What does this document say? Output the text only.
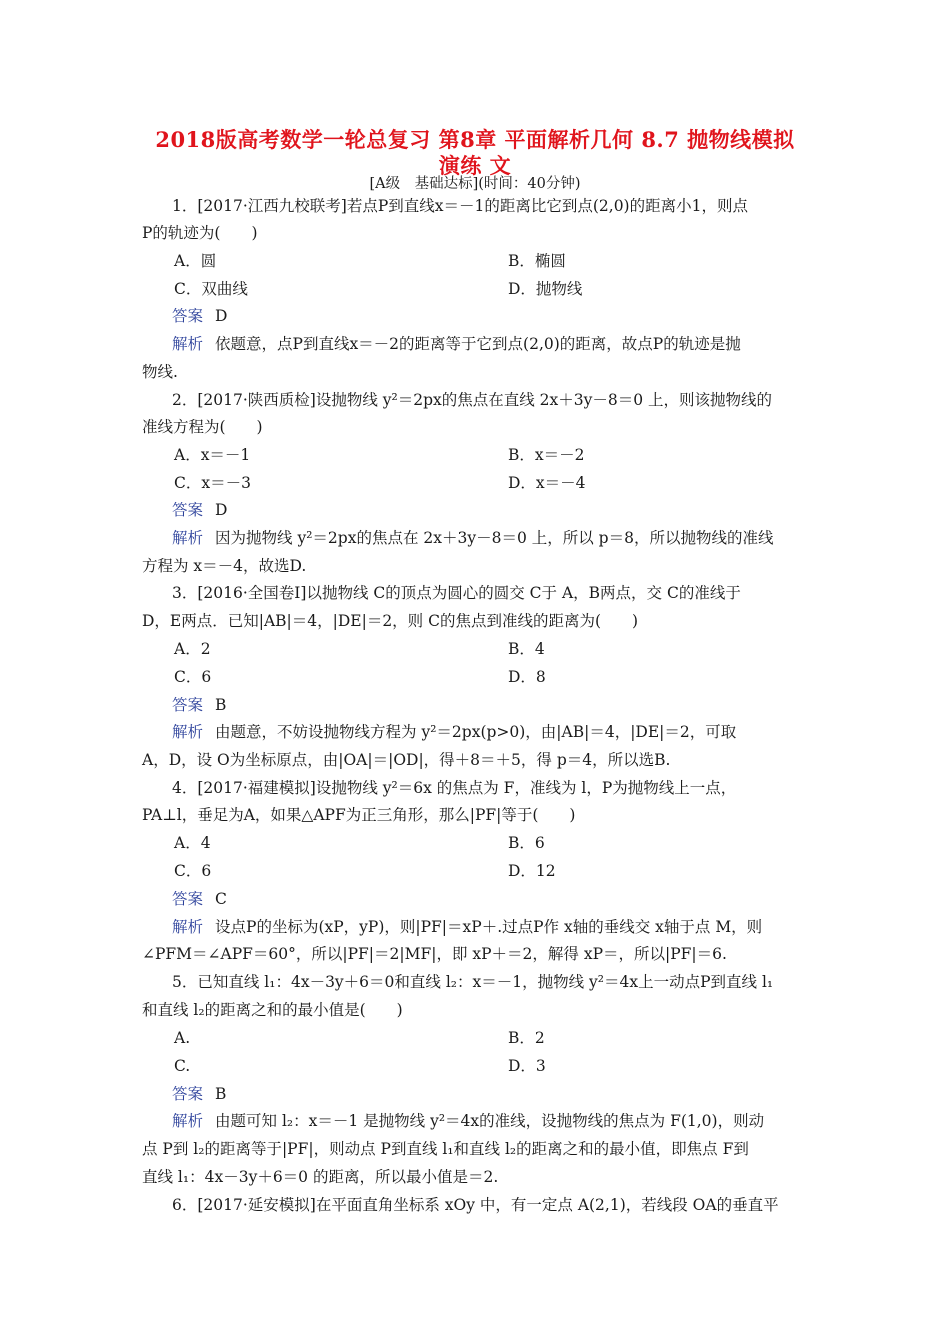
2018版高考数学一轮总复习 第8章 平面解析几何 8.7 抛物线模拟
演练 文
[A级　基础达标](时间：40分钟)
1．[2017·江西九校联考]若点P到直线x＝－1的距离比它到点(2,0)的距离小1，则点
P的轨迹为(　　)
A．圆	B．椭圆
C．双曲线	D．抛物线
答案 D
解析 依题意，点P到直线x＝－2的距离等于它到点(2,0)的距离，故点P的轨迹是抛
物线.
2．[2017·陕西质检]设抛物线 y²＝2px的焦点在直线 2x＋3y－8＝0 上，则该抛物线的
准线方程为(　　)
A．x＝－1	B．x＝－2
C．x＝－3	D．x＝－4
答案 D
解析 因为抛物线 y²＝2px的焦点在 2x＋3y－8＝0 上，所以 p＝8，所以抛物线的准线
方程为 x＝－4，故选D.
3．[2016·全国卷Ⅰ]以抛物线 C的顶点为圆心的圆交 C于 A，B两点，交 C的准线于
D，E两点．已知|AB|＝4，|DE|＝2，则 C的焦点到准线的距离为(　　)
A．2	B．4
C．6	D．8
答案 B
解析 由题意，不妨设抛物线方程为 y²＝2px(p>0)，由|AB|＝4，|DE|＝2，可取
A，D，设 O为坐标原点，由|OA|＝|OD|，得＋8＝＋5，得 p＝4，所以选B.
4．[2017·福建模拟]设抛物线 y²＝6x 的焦点为 F，准线为 l，P为抛物线上一点，
PA⊥l，垂足为A，如果△APF为正三角形，那么|PF|等于(　　)
A．4	B．6
C．6	D．12
答案 C
解析 设点P的坐标为(xP，yP)，则|PF|＝xP＋.过点P作 x轴的垂线交 x轴于点 M，则
∠PFM＝∠APF＝60°，所以|PF|＝2|MF|，即 xP＋＝2，解得 xP＝，所以|PF|＝6.
5．已知直线 l₁：4x－3y＋6＝0和直线 l₂：x＝－1，抛物线 y²＝4x上一动点P到直线 l₁
和直线 l₂的距离之和的最小值是(　　)
A.	B．2
C.	D．3
答案 B
解析 由题可知 l₂：x＝－1 是抛物线 y²＝4x的准线，设抛物线的焦点为 F(1,0)，则动
点 P到 l₂的距离等于|PF|，则动点 P到直线 l₁和直线 l₂的距离之和的最小值，即焦点 F到
直线 l₁：4x－3y＋6＝0 的距离，所以最小值是＝2.
6．[2017·延安模拟]在平面直角坐标系 xOy 中，有一定点 A(2,1)，若线段 OA的垂直平
